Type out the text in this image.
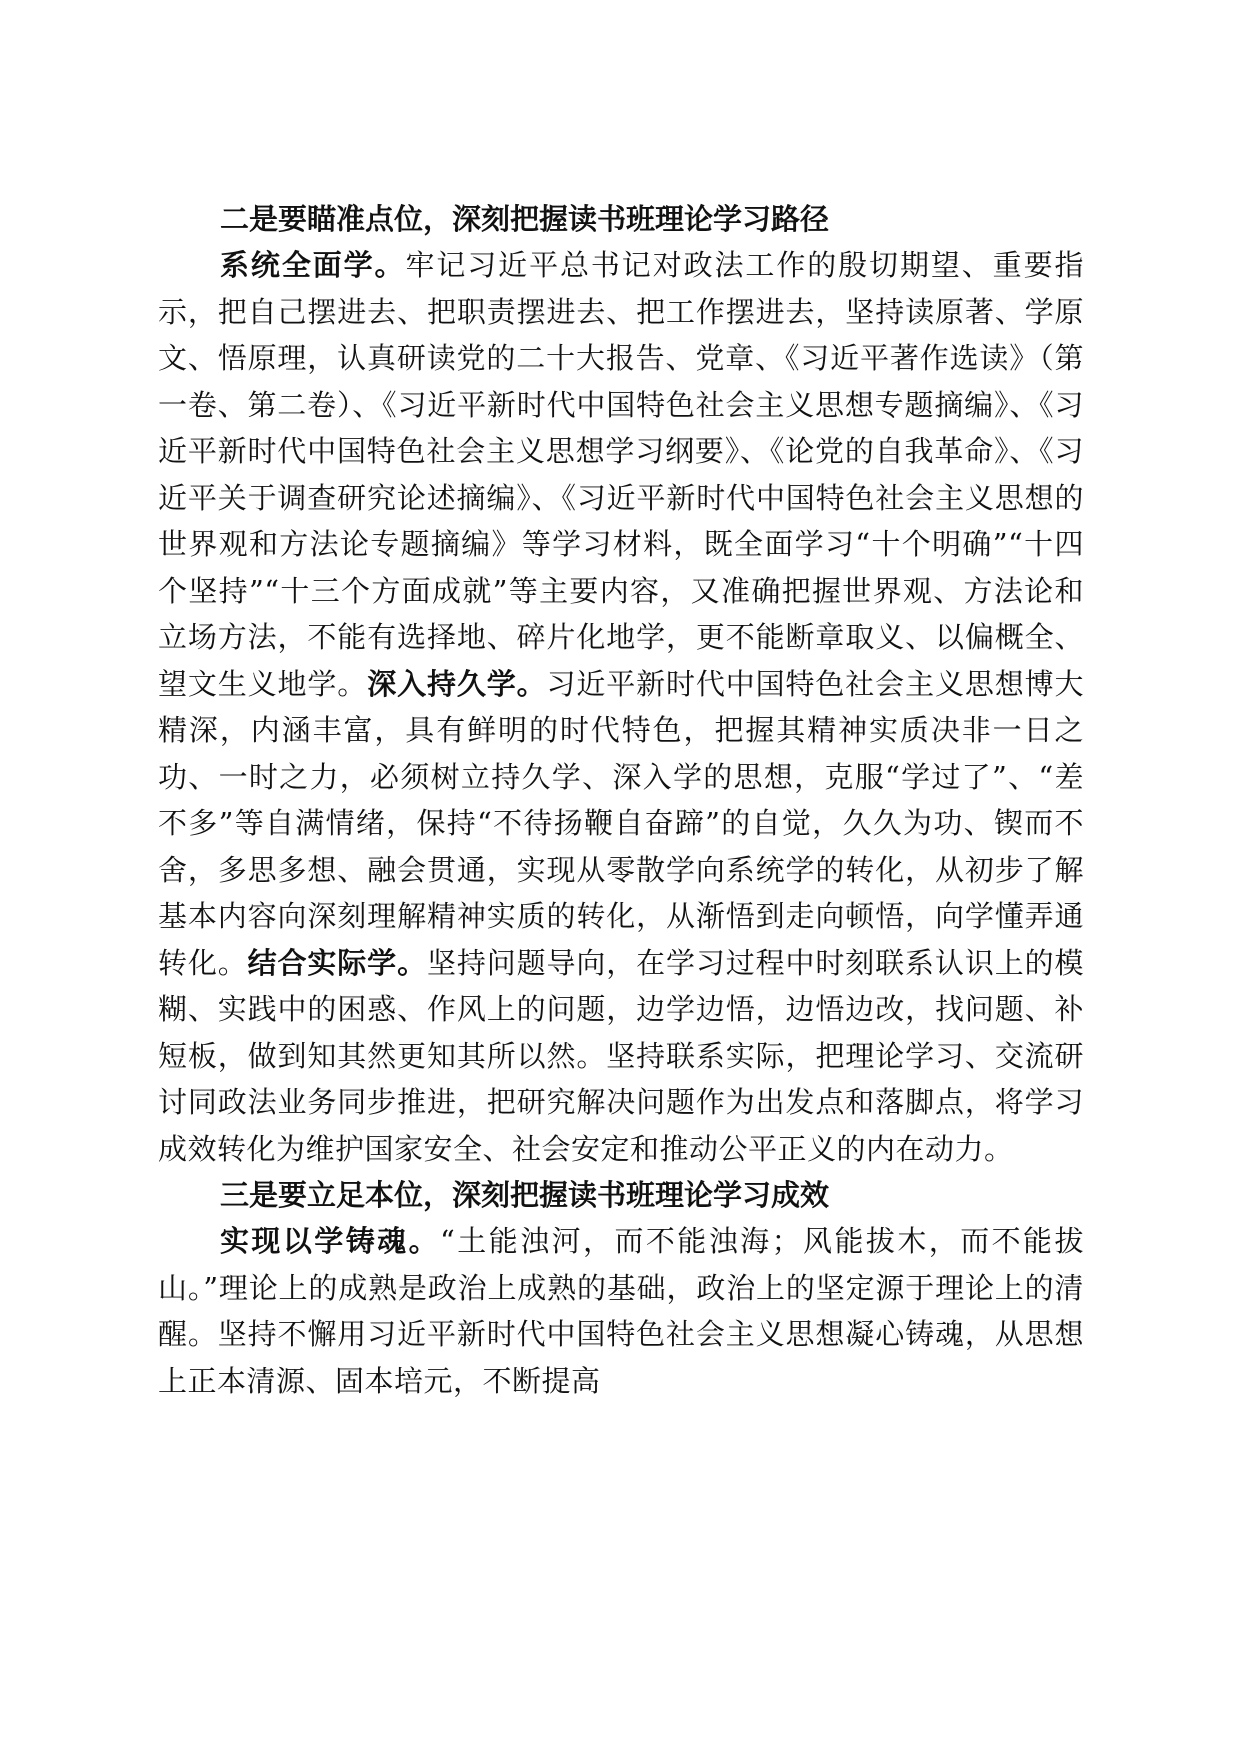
二是要瞄准点位，深刻把握读书班理论学习路径

系统全面学。牢记习近平总书记对政法工作的殷切期望、重要指示，把自己摆进去、把职责摆进去、把工作摆进去，坚持读原著、学原文、悟原理，认真研读党的二十大报告、党章、《习近平著作选读》（第一卷、第二卷）、《习近平新时代中国特色社会主义思想专题摘编》、《习近平新时代中国特色社会主义思想学习纲要》、《论党的自我革命》、《习近平关于调查研究论述摘编》、《习近平新时代中国特色社会主义思想的世界观和方法论专题摘编》等学习材料，既全面学习“十个明确”“十四个坚持”“十三个方面成就”等主要内容，又准确把握世界观、方法论和立场方法，不能有选择地、碎片化地学，更不能断章取义、以偏概全、望文生义地学。深入持久学。习近平新时代中国特色社会主义思想博大精深，内涵丰富，具有鲜明的时代特色，把握其精神实质决非一日之功、一时之力，必须树立持久学、深入学的思想，克服“学过了”、“差不多”等自满情绪，保持“不待扬鞭自奋蹄”的自觉，久久为功、锲而不舍，多思多想、融会贯通，实现从零散学向系统学的转化，从初步了解基本内容向深刻理解精神实质的转化，从渐悟到走向顿悟，向学懂弄通转化。结合实际学。坚持问题导向，在学习过程中时刻联系认识上的模糊、实践中的困惑、作风上的问题，边学边悟，边悟边改，找问题、补短板，做到知其然更知其所以然。坚持联系实际，把理论学习、交流研讨同政法业务同步推进，把研究解决问题作为出发点和落脚点，将学习成效转化为维护国家安全、社会安定和推动公平正义的内在动力。

三是要立足本位，深刻把握读书班理论学习成效

实现以学铸魂。“土能浊河，而不能浊海；风能拔木，而不能拔山。”理论上的成熟是政治上成熟的基础，政治上的坚定源于理论上的清醒。坚持不懈用习近平新时代中国特色社会主义思想凝心铸魂，从思想上正本清源、固本培元，不断提高
